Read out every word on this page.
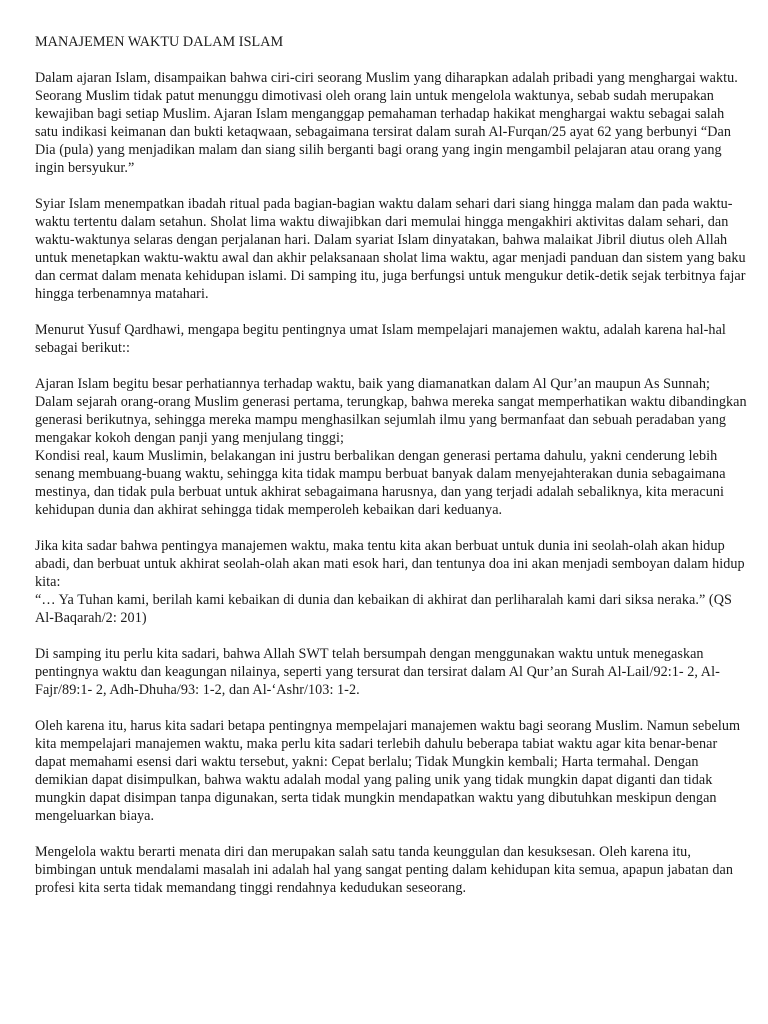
MANAJEMEN WAKTU DALAM ISLAM

Dalam ajaran Islam, disampaikan bahwa ciri-ciri seorang Muslim yang diharapkan adalah pribadi yang menghargai waktu. Seorang Muslim tidak patut menunggu dimotivasi oleh orang lain untuk mengelola waktunya, sebab sudah merupakan kewajiban bagi setiap Muslim. Ajaran Islam menganggap pemahaman terhadap hakikat menghargai waktu sebagai salah satu indikasi keimanan dan bukti ketaqwaan, sebagaimana tersirat dalam surah Al-Furqan/25 ayat 62 yang berbunyi “Dan Dia (pula) yang menjadikan malam dan siang silih berganti bagi orang yang ingin mengambil pelajaran atau orang yang ingin bersyukur.”

Syiar Islam menempatkan ibadah ritual pada bagian-bagian waktu dalam sehari dari siang hingga malam dan pada waktu-waktu tertentu dalam setahun. Sholat lima waktu diwajibkan dari memulai hingga mengakhiri aktivitas dalam sehari, dan waktu-waktunya selaras dengan perjalanan hari. Dalam syariat Islam dinyatakan, bahwa malaikat Jibril diutus oleh Allah untuk menetapkan waktu-waktu awal dan akhir pelaksanaan sholat lima waktu, agar menjadi panduan dan sistem yang baku dan cermat dalam menata kehidupan islami. Di samping itu, juga berfungsi untuk mengukur detik-detik sejak terbitnya fajar hingga terbenamnya matahari.

Menurut Yusuf Qardhawi, mengapa begitu pentingnya umat Islam mempelajari manajemen waktu, adalah karena hal-hal sebagai berikut::

Ajaran Islam begitu besar perhatiannya terhadap waktu, baik yang diamanatkan dalam Al Qur’an maupun As Sunnah;
Dalam sejarah orang-orang Muslim generasi pertama, terungkap, bahwa mereka sangat memperhatikan waktu dibandingkan generasi berikutnya, sehingga mereka mampu menghasilkan sejumlah ilmu yang bermanfaat dan sebuah peradaban yang mengakar kokoh dengan panji yang menjulang tinggi;
Kondisi real, kaum Muslimin, belakangan ini justru berbalikan dengan generasi pertama dahulu, yakni cenderung lebih senang membuang-buang waktu, sehingga kita tidak mampu berbuat banyak dalam menyejahterakan dunia sebagaimana mestinya, dan tidak pula berbuat untuk akhirat sebagaimana harusnya, dan yang terjadi adalah sebaliknya, kita meracuni kehidupan dunia dan akhirat sehingga tidak memperoleh kebaikan dari keduanya.
Jika kita sadar bahwa pentingya manajemen waktu, maka tentu kita akan berbuat untuk dunia ini seolah-olah akan hidup abadi, dan berbuat untuk akhirat seolah-olah akan mati esok hari, dan tentunya doa ini akan menjadi semboyan dalam hidup kita:
“… Ya Tuhan kami, berilah kami kebaikan di dunia dan kebaikan di akhirat dan perliharalah kami dari siksa neraka.” (QS Al-Baqarah/2: 201)

Di samping itu perlu kita sadari, bahwa Allah SWT telah bersumpah dengan menggunakan waktu untuk menegaskan pentingnya waktu dan keagungan nilainya, seperti yang tersurat dan tersirat dalam Al Qur’an Surah Al-Lail/92:1- 2, Al-Fajr/89:1- 2, Adh-Dhuha/93: 1-2, dan Al-‘Ashr/103: 1-2.

Oleh karena itu, harus kita sadari betapa pentingnya mempelajari manajemen waktu bagi seorang Muslim. Namun sebelum kita mempelajari manajemen waktu, maka perlu kita sadari terlebih dahulu beberapa tabiat waktu agar kita benar-benar dapat memahami esensi dari waktu tersebut, yakni: Cepat berlalu; Tidak Mungkin kembali; Harta termahal. Dengan demikian dapat disimpulkan, bahwa waktu adalah modal yang paling unik yang tidak mungkin dapat diganti dan tidak mungkin dapat disimpan tanpa digunakan, serta tidak mungkin mendapatkan waktu yang dibutuhkan meskipun dengan mengeluarkan biaya.

Mengelola waktu berarti menata diri dan merupakan salah satu tanda keunggulan dan kesuksesan. Oleh karena itu, bimbingan untuk mendalami masalah ini adalah hal yang sangat penting dalam kehidupan kita semua, apapun jabatan dan profesi kita serta tidak memandang tinggi rendahnya kedudukan seseorang.
